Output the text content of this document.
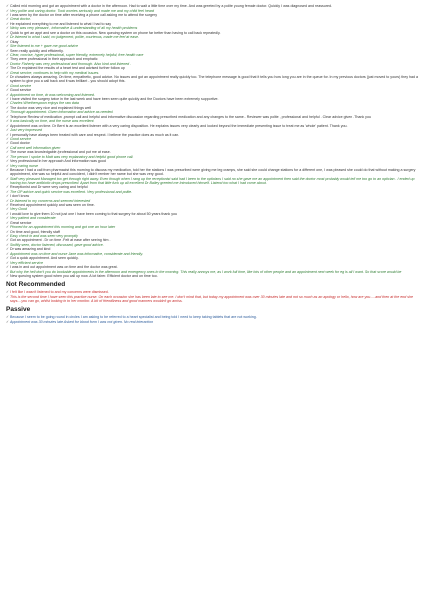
✓ Called mid morning and got an appointment with a doctor in the afternoon. Had to wait a little time over my time. And was greeted by a polite young female doctor. Quickly I was diagnosed and reassured.
✓ Very polite and caring doctor. Took worries seriously and made me and my child feel heard
✓ I was seen by the doctor on time after receiving a phone call asking me to attend the surgery
✓ Great doctor.
✓ He explained everything to me and listened to what I had to say
✓ Nicky was very pleasant , informative & understanding of all my health problems
✓ Quick to get an appt and see a doctor on this occasion. New queuing system on phone far better than having to call back repeatedly.
✓ Dr listened to what I said, no judgement, polite, courteous, made me feel at ease.
✓ Okay
✓ She listened to me + gave me good advice
✓ Seen really quickly and efficiently.
✓ Clear, concise, hyper professional, super friendly, extremely helpful, free health care
✓ They were professional in their approach and emphatic
✓ Doctor Flaherty was very professional and thorough. Also kind and listened .
✓ The Dr explained the results of a heart test and advised further follow up
✓ Great service, continues to help with my medical issues.
✓ Dr chowders always amazing. On time, empathetic, good advice. No issues and got an appointment really quickly too. The telephone message is good that it tells you how long you are in the queue for. In my previous doctors (just moved to yours) they had a system to give you a call back and it was brilliant - you should adopt this.
✓ Good service
✓ Good service
✓ Appointment on time, dr was welcoming and listened.
✓ I have visited the surgery twice in the last week and have been seen quite quickly and the Doctors have been extremely supportive.
✓ Charles Whetherspoon enjoys the raw data
✓ The doctor was very nice and explained things well
✓ Thorough appointment. Given information and advice as needed.
✓ Telephone Review of medication ,prompt call and helpful and informative discussion regarding prescribed medication and any changes to the same.. Reviewer was polite , professional and helpful . Clear advice given .Thank you
✓ It was basically on time, and the nurse was excellent.
✓ Appointment was on time. Dr Berri is an excellent listener with a very caring disposition. He explains issues very clearly and looked beyond the immediate presenting issue to treat me as 'whole' patient. Thank you.
✓ Just very impressed
✓ I personally have always been treated with care and respect. I believe the practice does as much as it can.
✓ Good service
✓ Good doctor
✓ Call went well information given
✓ The nurse was knowledgable /professional and put me at ease.
✓ The person I spoke to Matt was very explanatory and helpful good phone call.
✓ Very professional in her approach And information was good
✓ Very caring nurse
✓ Because I had a call from pharmacist this morning to discuss my medication, told her the stations I was prescribed were giving me leg cramps, she said she could change stations for a different one, I was pleased she could do that without making a surgery appointment, she was so helpful and concident, I didn't rember her name but she was very good.
✓ Staff very pleasant Managed too get through right away. Even though when I rang up the receptionist said had I been to the opticians I said no she gave me an appointment then said the doctor most probably would tell me too go to an optician . I ended up having too have antibiotic drops prescribed. Apart from that little fuck up all excellent Dr Bailey greeted me Introduced himself. Listend too what I had come about.
✓ Receptionist and Dr were very caring and helpful
✓ The GP advice and quick service was excellent. Very professional and polite.
✓ I don't know
✓ Dr listened to my concerns and seemed interested
✓ Received appointment quickly and was seen on time.
✓ Very Good
✓ I would love to give them 10 not just one I have been coming to that surgery for about 50 years thank you
✓ Very patient and considerate
✓ Great service
✓ Phoned for an appointment this morning and got one an hour later
✓ On time and good, friendly staff
✓ Easy check in and was seen very promptly
✓ Got an appointment . Dr on time .Felt at ease after seeing him .
✓ Swiftly seen, doctor listened, discussed, gave good advice.
✓ Dr was amazing and kind
✓ Appointment was on time and nurse Jane was informative, considerate and friendly.
✓ Got a quick appointment. And seen quickly.
✓ Very efficient service
✓ I was in and out appointment was on time and the doctor was great.
✓ But why the hell don't you do bookable appointments in the afternoon and emergency ones in the morning. This really annoys me, as I work full time, like lots of other people and an appointment next week for eg is all I want. So that score would be
✓ New queuing system good when you call up now. A lot fairer. Efficient doctor and on time too.
Not Recommended
✓ I felt like I wasn't listened to and my concerns were dismissed.
✓ This is the second time I have seen this practice nurse. On each occasion she has been late to see me. I don't mind that, but today my appointment was over 30 minutes late and not so much as an apology or hello, how are you.....and then at the end she says....you can go, whilst looking in to her monitor. A bit of friendliness and good manners wouldn't go amiss.
Passive
✓ Because I seem to be going round in circles I am asking to be referred to a heart specialist and being told I need to keep taking tablets that are not working.
✓ Appointment was 30 minutes late Asked for blood form I was not given. No real interaction
